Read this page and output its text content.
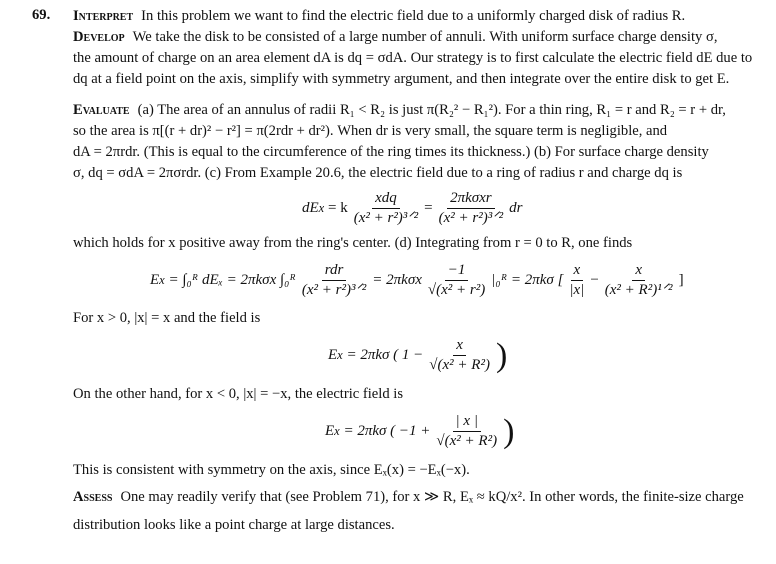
69. Interpret In this problem we want to find the electric field due to a uniformly charged disk of radius R.
Develop We take the disk to be consisted of a large number of annuli. With uniform surface charge density σ,
the amount of charge on an area element dA is dq = σdA. Our strategy is to first calculate the electric field dE due to
dq at a field point on the axis, simplify with symmetry argument, and then integrate over the entire disk to get E.
Evaluate (a) The area of an annulus of radii R₁ < R₂ is just π(R₂² − R₁²). For a thin ring, R₁ = r and R₂ = r + dr,
so the area is π[(r + dr)² − r²] = π(2rdr + dr²). When dr is very small, the square term is negligible, and
dA = 2πrdr. (This is equal to the circumference of the ring times its thickness.) (b) For surface charge density
σ, dq = σdA = 2πσrdr. (c) From Example 20.6, the electric field due to a ring of radius r and charge dq is
dE x
= k
xdq
(x² + r²)³ᐟ²
=
2πkσxr
(x² + r²)³ᐟ²
dr
which holds for x positive away from the ring's center. (d) Integrating from r = 0 to R, one finds
E x
= ∫₀ᴿ dEₓ = 2πkσx ∫₀ᴿ
rdr
(x² + r²)³ᐟ²
= 2πkσx
−1
√(x² + r²)
|₀ᴿ
= 2πkσ [
x
|x|
−
x
(x² + R²)¹ᐟ²
]
For x > 0, |x| = x and the field is
E x
= 2πkσ ( $1 - \frac{x}{\text{√(x² + R²)}}$ )
On the other hand, for x < 0, |x| = −x, the electric field is
E x
= 2πkσ ( $-1 + \frac{| x |}{\text{√(x² + R²)}}$ )
This is consistent with symmetry on the axis, since Eₓ(x) = −Eₓ(−x).
Assess One may readily verify that (see Problem 71), for x ≫ R, Eₓ ≈ kQ/x². In other words, the finite-size charge
distribution looks like a point charge at large distances.
